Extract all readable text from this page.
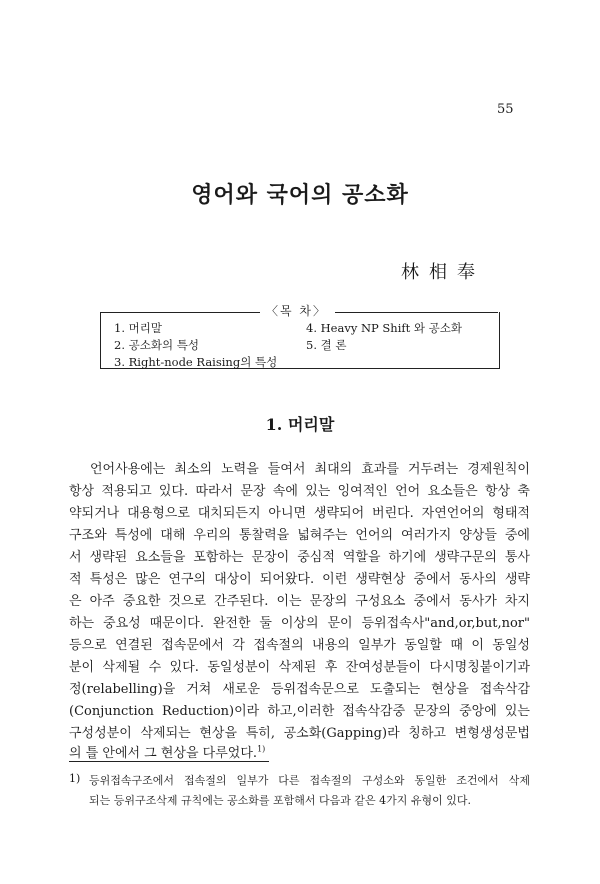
55
영어와 국어의 공소화
林相奉
〈목 차〉
1. 머리말	4. Heavy NP Shift 와 공소화
2. 공소화의 특성	5. 결 론
3. Right-node Raising의 특성
1. 머리말
언어사용에는 최소의 노력을 들여서 최대의 효과를 거두려는 경제원칙이
항상 적용되고 있다. 따라서 문장 속에 있는 잉여적인 언어 요소들은 항상 축
약되거나 대용형으로 대치되든지 아니면 생략되어 버린다. 자연언어의 형태적
구조와 특성에 대해 우리의 통찰력을 넓혀주는 언어의 여러가지 양상들 중에
서 생략된 요소들을 포함하는 문장이 중심적 역할을 하기에 생략구문의 통사
적 특성은 많은 연구의 대상이 되어왔다. 이런 생략현상 중에서 동사의 생략
은 아주 중요한 것으로 간주된다. 이는 문장의 구성요소 중에서 동사가 차지
하는 중요성 때문이다. 완전한 둘 이상의 문이 등위접속사"and,or,but,nor"
등으로 연결된 접속문에서 각 접속절의 내용의 일부가 동일할 때 이 동일성
분이 삭제될 수 있다. 동일성분이 삭제된 후 잔여성분들이 다시명칭붙이기과
정(relabelling)을 거쳐 새로운 등위접속문으로 도출되는 현상을 접속삭감
(Conjunction Reduction)이라 하고,이러한 접속삭감중 문장의 중앙에 있는
1) 등위접속구조에서 접속절의 일부가 다른 접속절의 구성소와 동일한 조건에서 삭제
되는 등위구조삭제 규칙에는 공소화를 포함해서 다음과 같은 4가지 유형이 있다.
구성성분이 삭제되는 현상을 특히, 공소화(Gapping)라 칭하고 변형생성문법
의 틀 안에서 그 현상을 다루었다.$^{1)}$
